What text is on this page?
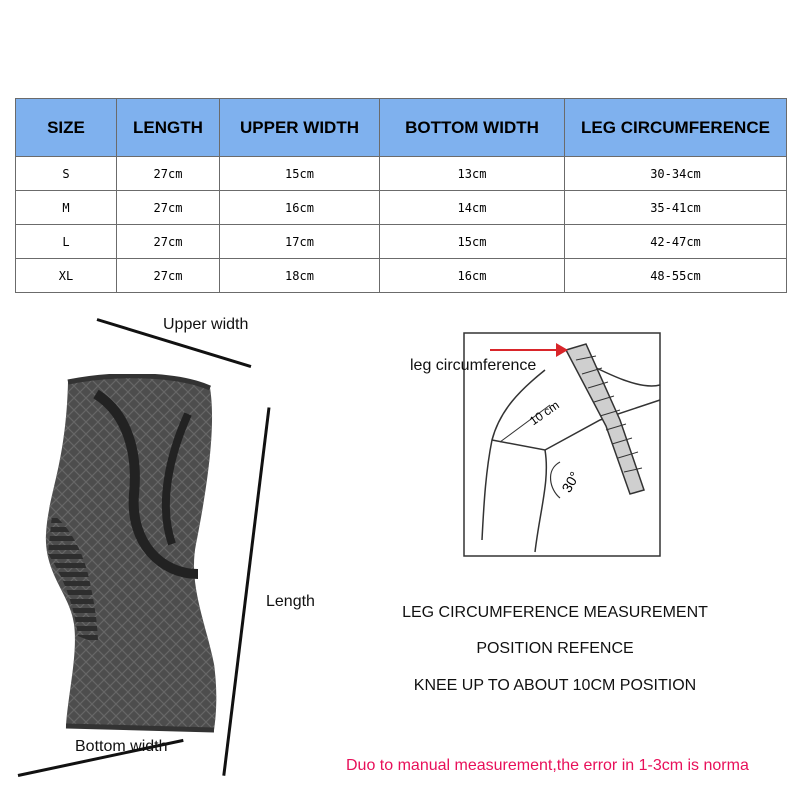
SIZE	LENGTH	UPPER WIDTH	BOTTOM WIDTH	LEG CIRCUMFERENCE
S	27cm	15cm	13cm	30-34cm
M	27cm	16cm	14cm	35-41cm
L	27cm	17cm	15cm	42-47cm
XL	27cm	18cm	16cm	48-55cm
Upper width
Length
Bottom width
leg circumference
10 cm
30°
LEG CIRCUMFERENCE MEASUREMENT
POSITION REFENCE
KNEE UP TO ABOUT 10CM POSITION
Duo to manual measurement,the error in 1-3cm is norma
